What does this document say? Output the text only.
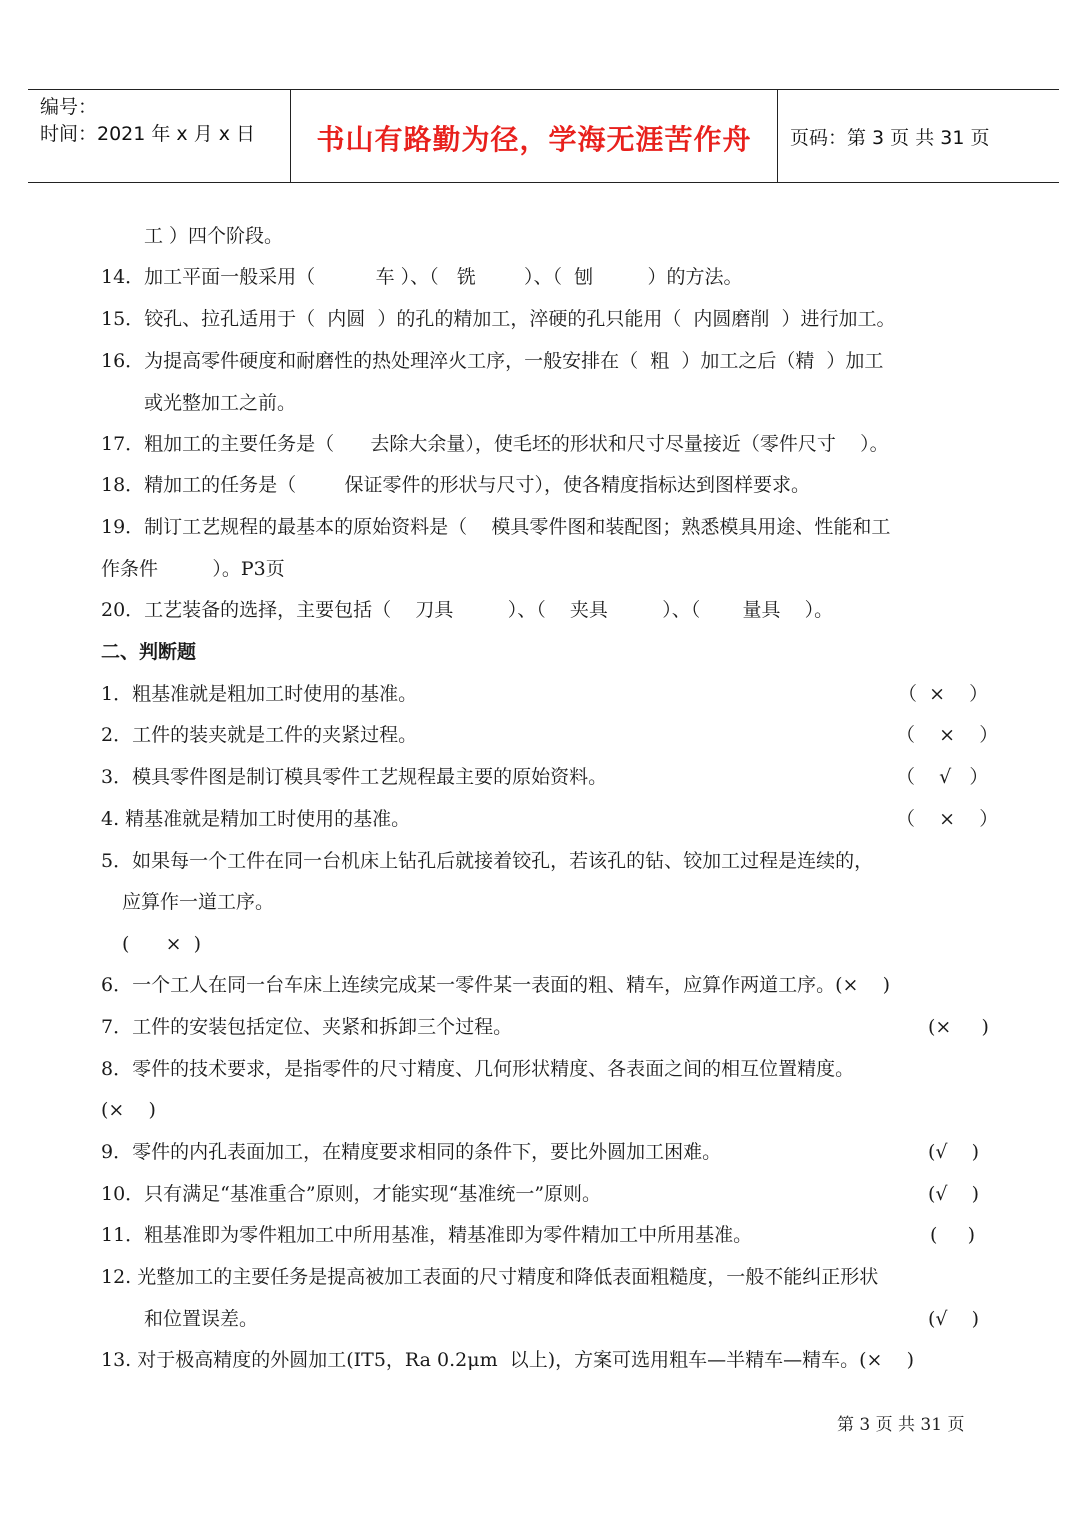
编号：
时间：2021 年 x 月 x 日	书山有路勤为径，学海无涯苦作舟	页码：第 3 页 共 31 页
工 ）四个阶段。
14．加工平面一般采用（          车 ）、（   铣        ）、（  刨         ）的方法。
15．铰孔、拉孔适用于（  内圆  ）的孔的精加工，淬硬的孔只能用（  内圆磨削  ）进行加工。
16．为提高零件硬度和耐磨性的热处理淬火工序，一般安排在（  粗  ）加工之后（精  ）加工
或光整加工之前。
17．粗加工的主要任务是（      去除大余量），使毛坯的形状和尺寸尽量接近（零件尺寸    ）。
18．精加工的任务是（        保证零件的形状与尺寸），使各精度指标达到图样要求。
19．制订工艺规程的最基本的原始资料是（    模具零件图和装配图；熟悉模具用途、性能和工
作条件         ）。P3页
20．工艺装备的选择，主要包括（    刀具         ）、（    夹具         ）、（       量具    ）。
二、判断题
1．粗基准就是粗加工时使用的基准。	（  ×    ）
2．工件的装夹就是工件的夹紧过程。	（    ×    ）
3．模具零件图是制订模具零件工艺规程最主要的原始资料。	（    √   ）
4. 精基准就是精加工时使用的基准。	（    ×    ）
5．如果每一个工件在同一台机床上钻孔后就接着铰孔，若该孔的钻、铰加工过程是连续的，
应算作一道工序。
(      ×  )
6．一个工人在同一台车床上连续完成某一零件某一表面的粗、精车，应算作两道工序。(×    )
7．工件的安装包括定位、夹紧和拆卸三个过程。	(×     )
8．零件的技术要求，是指零件的尺寸精度、几何形状精度、各表面之间的相互位置精度。
(×    )
9．零件的内孔表面加工，在精度要求相同的条件下，要比外圆加工困难。	(√    )
10．只有满足“基准重合”原则，才能实现“基准统一”原则。	(√    )
11．粗基准即为零件粗加工中所用基准，精基准即为零件精加工中所用基准。	(     )
12. 光整加工的主要任务是提高被加工表面的尺寸精度和降低表面粗糙度，一般不能纠正形状
和位置误差。	(√    )
13. 对于极高精度的外圆加工(IT5，Ra 0.2μm  以上)，方案可选用粗车—半精车—精车。(×    )
第 3 页 共 31 页
